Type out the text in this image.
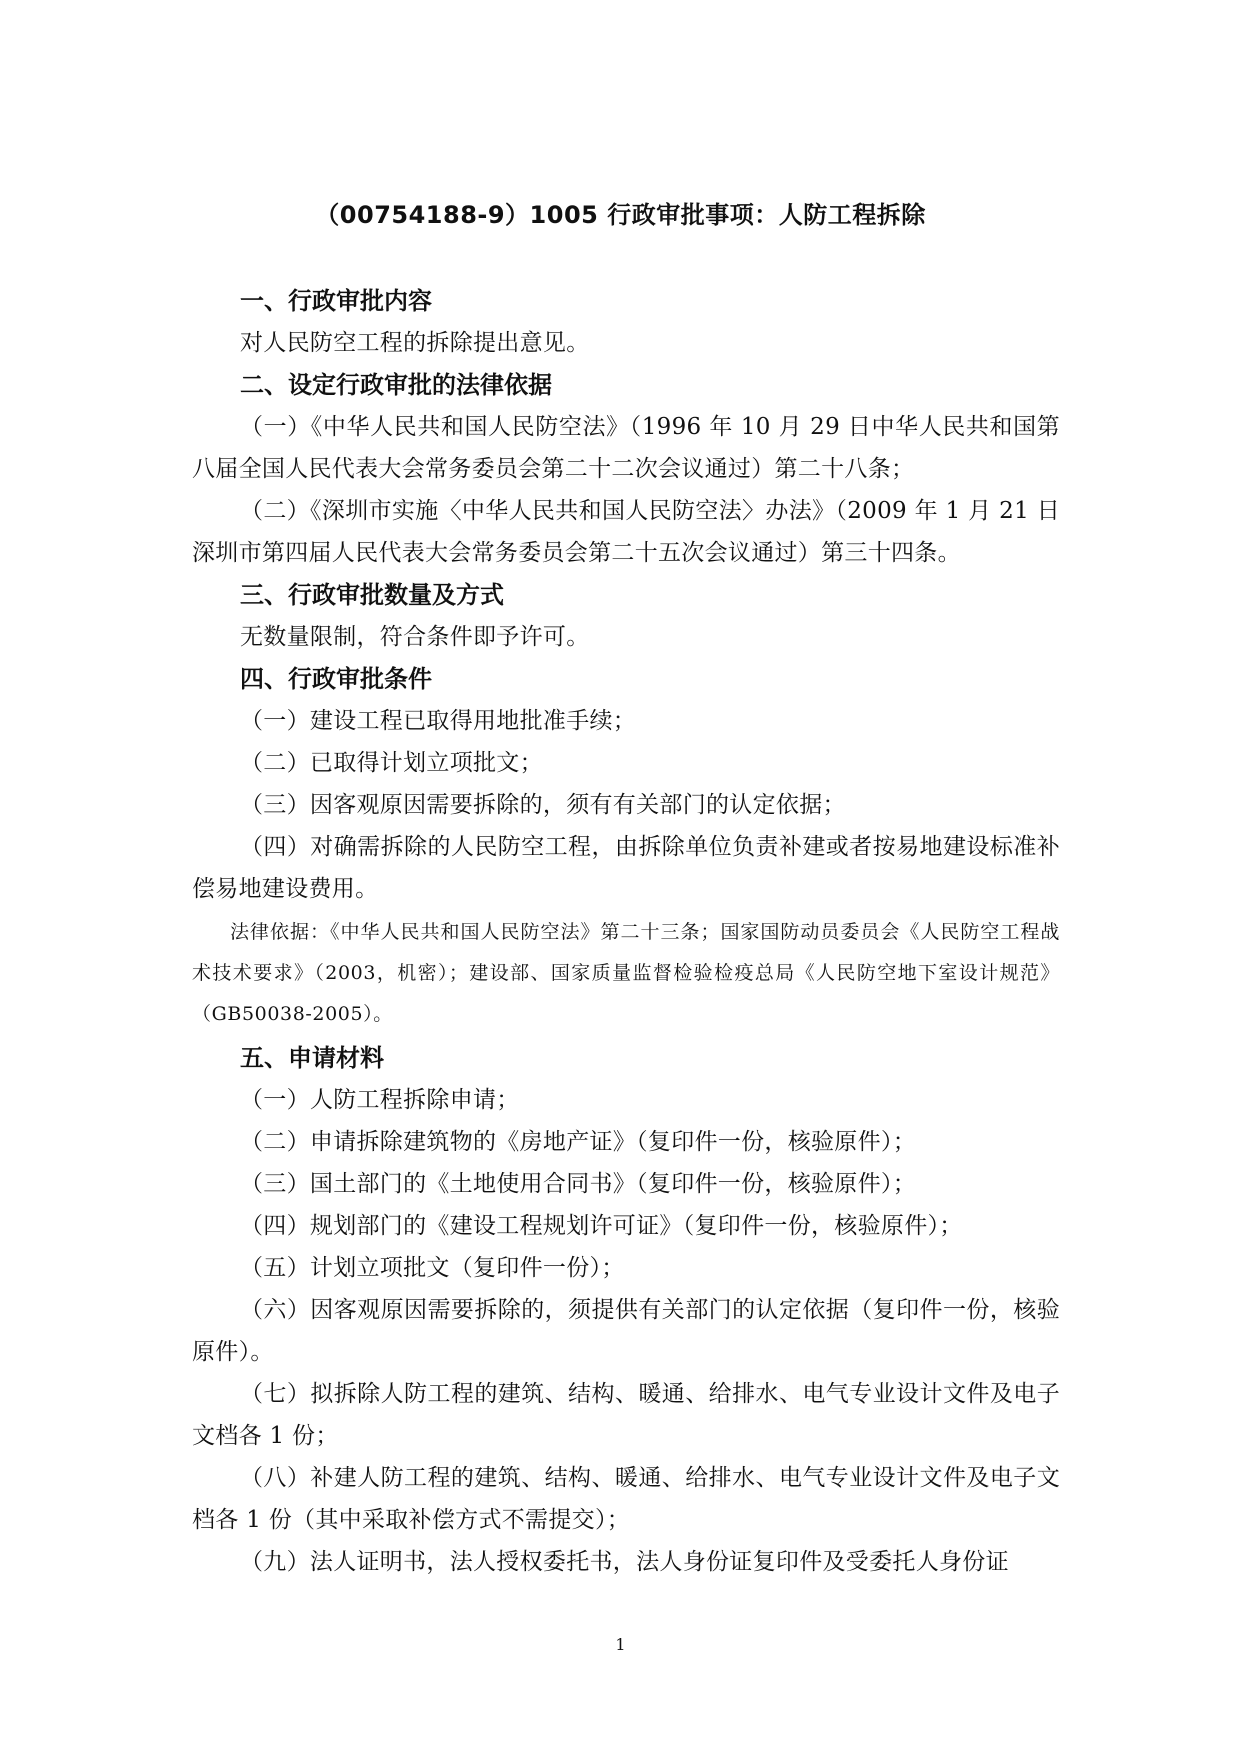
（00754188-9）1005 行政审批事项：人防工程拆除

一、行政审批内容

对人民防空工程的拆除提出意见。

二、设定行政审批的法律依据

（一）《中华人民共和国人民防空法》（1996 年 10 月 29 日中华人民共和国第八届全国人民代表大会常务委员会第二十二次会议通过）第二十八条；

（二）《深圳市实施〈中华人民共和国人民防空法〉办法》（2009 年 1 月 21 日深圳市第四届人民代表大会常务委员会第二十五次会议通过）第三十四条。

三、行政审批数量及方式

无数量限制，符合条件即予许可。

四、行政审批条件

（一）建设工程已取得用地批准手续；

（二）已取得计划立项批文；

（三）因客观原因需要拆除的，须有有关部门的认定依据；

（四）对确需拆除的人民防空工程，由拆除单位负责补建或者按易地建设标准补偿易地建设费用。

法律依据：《中华人民共和国人民防空法》第二十三条；国家国防动员委员会《人民防空工程战术技术要求》（2003，机密）；建设部、国家质量监督检验检疫总局《人民防空地下室设计规范》（GB50038-2005）。

五、申请材料

（一）人防工程拆除申请；

（二）申请拆除建筑物的《房地产证》（复印件一份，核验原件）；

（三）国土部门的《土地使用合同书》（复印件一份，核验原件）；

（四）规划部门的《建设工程规划许可证》（复印件一份，核验原件）；

（五）计划立项批文（复印件一份）；

（六）因客观原因需要拆除的，须提供有关部门的认定依据（复印件一份，核验原件）。

（七）拟拆除人防工程的建筑、结构、暖通、给排水、电气专业设计文件及电子文档各 1 份；

（八）补建人防工程的建筑、结构、暖通、给排水、电气专业设计文件及电子文档各 1 份（其中采取补偿方式不需提交）；

（九）法人证明书，法人授权委托书，法人身份证复印件及受委托人身份证

1
